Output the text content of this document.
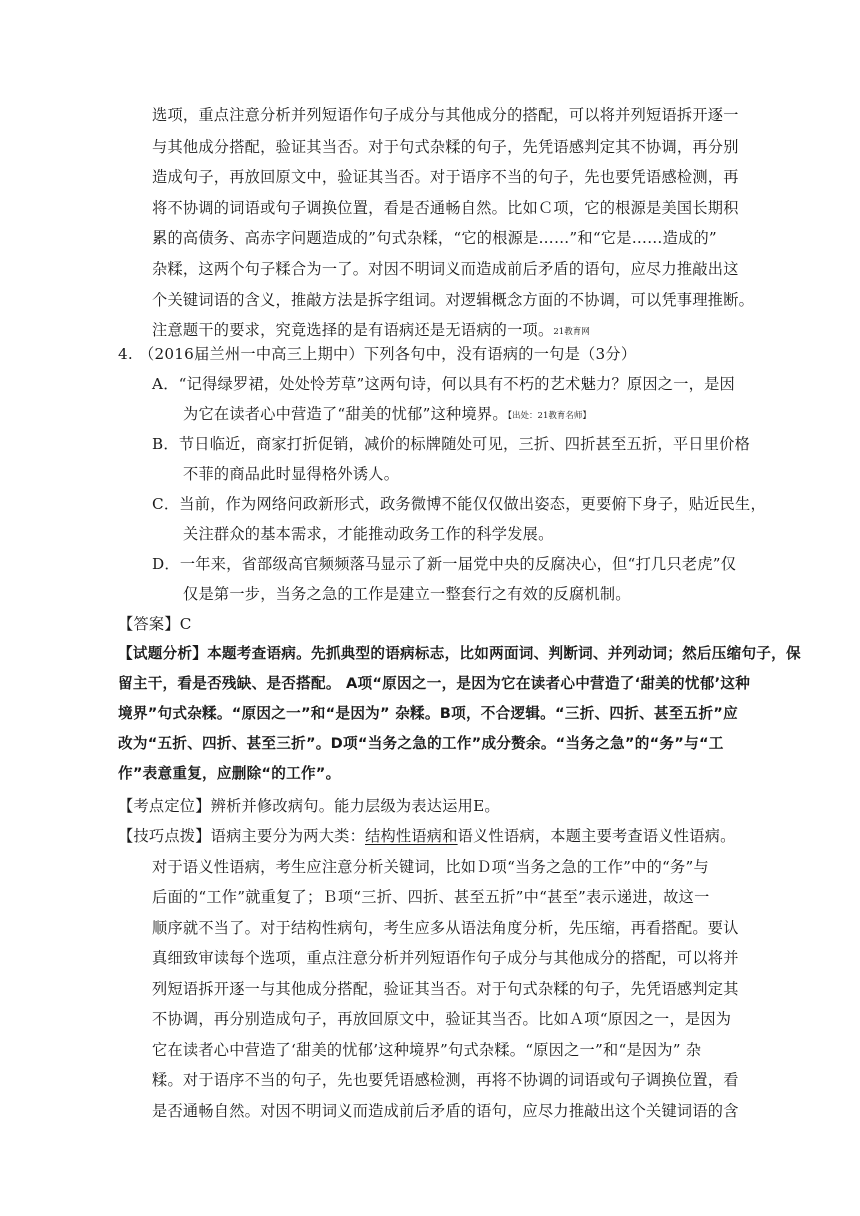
选项，重点注意分析并列短语作句子成分与其他成分的搭配，可以将并列短语拆开逐一
与其他成分搭配，验证其当否。对于句式杂糅的句子，先凭语感判定其不协调，再分别
造成句子，再放回原文中，验证其当否。对于语序不当的句子，先也要凭语感检测，再
将不协调的词语或句子调换位置，看是否通畅自然。比如Ｃ项，它的根源是美国长期积
累的高债务、高赤字问题造成的”句式杂糅，“它的根源是……”和“它是……造成的”
杂糅，这两个句子糅合为一了。对因不明词义而造成前后矛盾的语句，应尽力推敲出这
个关键词语的含义，推敲方法是拆字组词。对逻辑概念方面的不协调，可以凭事理推断。
注意题干的要求，究竟选择的是有语病还是无语病的一项。21教育网
4. （2016届兰州一中高三上期中）下列各句中，没有语病的一句是（3分）
A．“记得绿罗裙，处处怜芳草”这两句诗，何以具有不朽的艺术魅力？原因之一，是因
为它在读者心中营造了“甜美的忧郁”这种境界。【出处：21教育名师】
B．节日临近，商家打折促销，减价的标牌随处可见，三折、四折甚至五折，平日里价格
不菲的商品此时显得格外诱人。
C．当前，作为网络问政新形式，政务微博不能仅仅做出姿态，更要俯下身子，贴近民生，
关注群众的基本需求，才能推动政务工作的科学发展。
D．一年来，省部级高官频频落马显示了新一届党中央的反腐决心，但“打几只老虎”仅
仅是第一步，当务之急的工作是建立一整套行之有效的反腐机制。
【答案】C
【试题分析】本题考查语病。先抓典型的语病标志，比如两面词、判断词、并列动词；然后压缩句子，保
留主干，看是否残缺、是否搭配。 A项“原因之一，是因为它在读者心中营造了‘甜美的忧郁’这种
境界”句式杂糅。“原因之一”和“是因为” 杂糅。B项，不合逻辑。“三折、四折、甚至五折”应
改为“五折、四折、甚至三折”。D项“当务之急的工作”成分赘余。“当务之急”的“务”与“工
作”表意重复，应删除“的工作”。
【考点定位】辨析并修改病句。能力层级为表达运用E。
【技巧点拨】语病主要分为两大类：结构性语病和语义性语病，本题主要考查语义性语病。
对于语义性语病，考生应注意分析关键词，比如Ｄ项“当务之急的工作”中的“务”与
后面的“工作”就重复了；Ｂ项“三折、四折、甚至五折”中“甚至”表示递进，故这一
顺序就不当了。对于结构性病句，考生应多从语法角度分析，先压缩，再看搭配。要认
真细致审读每个选项，重点注意分析并列短语作句子成分与其他成分的搭配，可以将并
列短语拆开逐一与其他成分搭配，验证其当否。对于句式杂糅的句子，先凭语感判定其
不协调，再分别造成句子，再放回原文中，验证其当否。比如Ａ项“原因之一，是因为
它在读者心中营造了‘甜美的忧郁’这种境界”句式杂糅。“原因之一”和“是因为” 杂
糅。对于语序不当的句子，先也要凭语感检测，再将不协调的词语或句子调换位置，看
是否通畅自然。对因不明词义而造成前后矛盾的语句，应尽力推敲出这个关键词语的含
